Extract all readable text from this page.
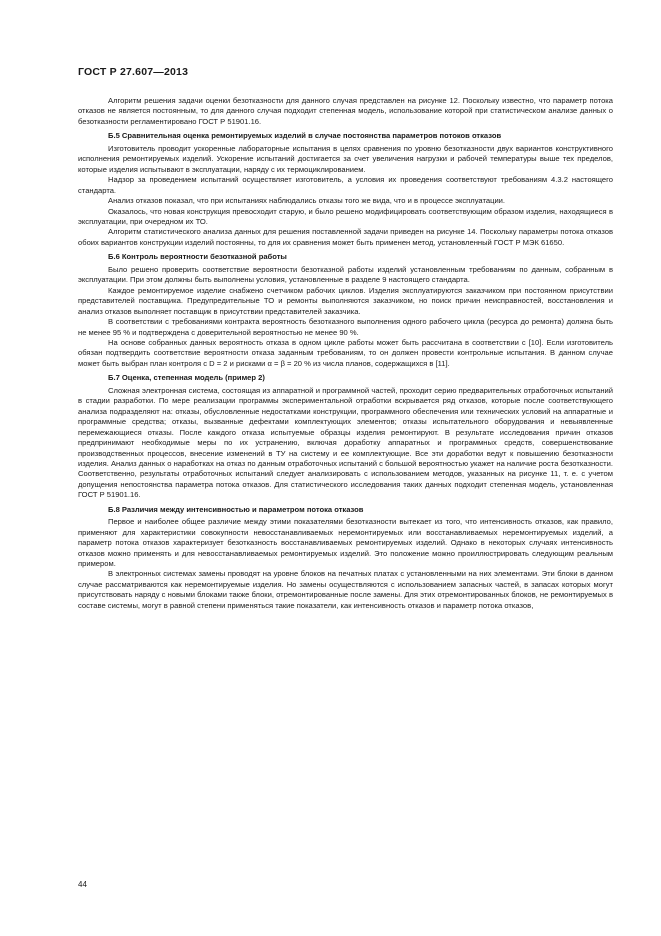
ГОСТ Р 27.607—2013

Алгоритм решения задачи оценки безотказности для данного случая представлен на рисунке 12. Поскольку известно, что параметр потока отказов не является постоянным, то для данного случая подходит степенная модель, использование которой при статистическом анализе данных о безотказности регламентировано ГОСТ Р 51901.16.

Б.5 Сравнительная оценка ремонтируемых изделий в случае постоянства параметров потоков отказов

Изготовитель проводит ускоренные лабораторные испытания в целях сравнения по уровню безотказности двух вариантов конструктивного исполнения ремонтируемых изделий. Ускорение испытаний достигается за счет увеличения нагрузки и рабочей температуры выше тех пределов, которые изделия испытывают в эксплуатации, наряду с их термоциклированием.

Надзор за проведением испытаний осуществляет изготовитель, а условия их проведения соответствуют требованиям 4.3.2 настоящего стандарта.

Анализ отказов показал, что при испытаниях наблюдались отказы того же вида, что и в процессе эксплуатации.

Оказалось, что новая конструкция превосходит старую, и было решено модифицировать соответствующим образом изделия, находящиеся в эксплуатации, при очередном их ТО.

Алгоритм статистического анализа данных для решения поставленной задачи приведен на рисунке 14. Поскольку параметры потока отказов обоих вариантов конструкции изделий постоянны, то для их сравнения может быть применен метод, установленный ГОСТ Р МЭК 61650.

Б.6 Контроль вероятности безотказной работы

Было решено проверить соответствие вероятности безотказной работы изделий установленным требованиям по данным, собранным в эксплуатации. При этом должны быть выполнены условия, установленные в разделе 9 настоящего стандарта.

Каждое ремонтируемое изделие снабжено счетчиком рабочих циклов. Изделия эксплуатируются заказчиком при постоянном присутствии представителей поставщика. Предупредительные ТО и ремонты выполняются заказчиком, но поиск причин неисправностей, восстановления и анализ отказов выполняет поставщик в присутствии представителей заказчика.

В соответствии с требованиями контракта вероятность безотказного выполнения одного рабочего цикла (ресурса до ремонта) должна быть не менее 95 % и подтверждена с доверительной вероятностью не менее 90 %.

На основе собранных данных вероятность отказа в одном цикле работы может быть рассчитана в соответствии с [10]. Если изготовитель обязан подтвердить соответствие вероятности отказа заданным требованиям, то он должен провести контрольные испытания. В данном случае может быть выбран план контроля с D = 2 и рисками α = β = 20 % из числа планов, содержащихся в [11].

Б.7 Оценка, степенная модель (пример 2)

Сложная электронная система, состоящая из аппаратной и программной частей, проходит серию предварительных отработочных испытаний в стадии разработки. По мере реализации программы экспериментальной отработки вскрывается ряд отказов, которые после соответствующего анализа подразделяют на: отказы, обусловленные недостатками конструкции, программного обеспечения или технических условий на аппаратные и программные средства; отказы, вызванные дефектами комплектующих элементов; отказы испытательного оборудования и невыявленные перемежающиеся отказы. После каждого отказа испытуемые образцы изделия ремонтируют. В результате исследования причин отказов предпринимают необходимые меры по их устранению, включая доработку аппаратных и программных средств, совершенствование производственных процессов, внесение изменений в ТУ на систему и ее комплектующие. Все эти доработки ведут к повышению безотказности изделия. Анализ данных о наработках на отказ по данным отработочных испытаний с большой вероятностью укажет на наличие роста безотказности. Соответственно, результаты отработочных испытаний следует анализировать с использованием методов, указанных на рисунке 11, т. е. с учетом допущения непостоянства параметра потока отказов. Для статистического исследования таких данных подходит степенная модель, установленная ГОСТ Р 51901.16.

Б.8 Различия между интенсивностью и параметром потока отказов

Первое и наиболее общее различие между этими показателями безотказности вытекает из того, что интенсивность отказов, как правило, применяют для характеристики совокупности невосстанавливаемых неремонтируемых или восстанавливаемых неремонтируемых изделий, а параметр потока отказов характеризует безотказность восстанавливаемых ремонтируемых изделий. Однако в некоторых случаях интенсивность отказов можно применять и для невосстанавливаемых ремонтируемых изделий. Это положение можно проиллюстрировать следующим реальным примером.

В электронных системах замены проводят на уровне блоков на печатных платах с установленными на них элементами. Эти блоки в данном случае рассматриваются как неремонтируемые изделия. Но замены осуществляются с использованием запасных частей, в запасах которых могут присутствовать наряду с новыми блоками также блоки, отремонтированные после замены. Для этих отремонтированных блоков, не ремонтируемых в составе системы, могут в равной степени применяться такие показатели, как интенсивность отказов и параметр потока отказов,

44
